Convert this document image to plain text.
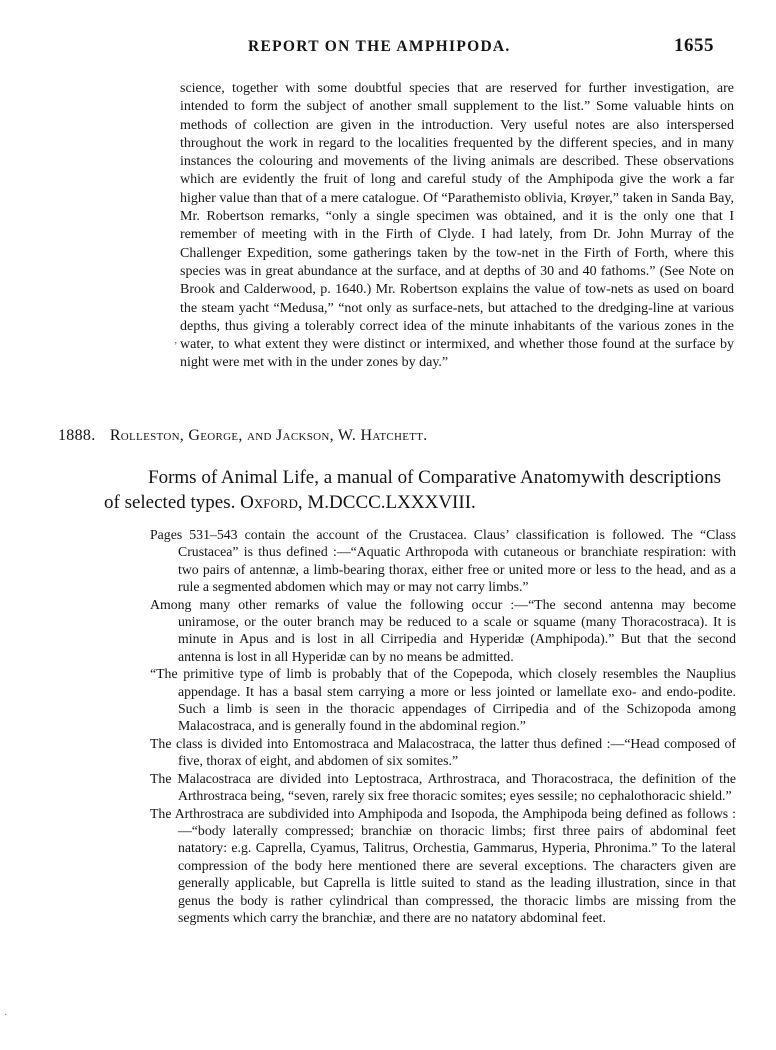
REPORT ON THE AMPHIPODA.	1655

science, together with some doubtful species that are reserved for further investigation, are intended to form the subject of another small supplement to the list.” Some valuable hints on methods of collection are given in the introduction. Very useful notes are also interspersed throughout the work in regard to the localities frequented by the different species, and in many instances the colouring and movements of the living animals are described. These observations which are evidently the fruit of long and careful study of the Amphipoda give the work a far higher value than that of a mere catalogue. Of “Parathemisto oblivia, Krøyer,” taken in Sanda Bay, Mr. Robertson remarks, “only a single specimen was obtained, and it is the only one that I remember of meeting with in the Firth of Clyde. I had lately, from Dr. John Murray of the Challenger Expedition, some gatherings taken by the tow-net in the Firth of Forth, where this species was in great abundance at the surface, and at depths of 30 and 40 fathoms.” (See Note on Brook and Calderwood, p. 1640.) Mr. Robertson explains the value of tow-nets as used on board the steam yacht “Medusa,” “not only as surface-nets, but attached to the dredging-line at various depths, thus giving a tolerably correct idea of the minute inhabitants of the various zones in the water, to what extent they were distinct or intermixed, and whether those found at the surface by night were met with in the under zones by day.”

‚
1888. Rolleston, George, and Jackson, W. Hatchett.

Forms of Animal Life, a manual of Comparative Anatomywith descriptions of selected types. Oxford, M.DCCC.LXXXVIII.

Pages 531–543 contain the account of the Crustacea. Claus’ classification is followed. The “Class Crustacea” is thus defined :—“Aquatic Arthropoda with cutaneous or branchiate respiration: with two pairs of antennæ, a limb-bearing thorax, either free or united more or less to the head, and as a rule a segmented abdomen which may or may not carry limbs.”
Among many other remarks of value the following occur :—“The second antenna may become uniramose, or the outer branch may be reduced to a scale or squame (many Thoracostraca). It is minute in Apus and is lost in all Cirripedia and Hyperidæ (Amphipoda).” But that the second antenna is lost in all Hyperidæ can by no means be admitted.
“The primitive type of limb is probably that of the Copepoda, which closely resembles the Nauplius appendage. It has a basal stem carrying a more or less jointed or lamellate exo- and endo-podite. Such a limb is seen in the thoracic appendages of Cirripedia and of the Schizopoda among Malacostraca, and is generally found in the abdominal region.”
The class is divided into Entomostraca and Malacostraca, the latter thus defined :—“Head composed of five, thorax of eight, and abdomen of six somites.”
The Malacostraca are divided into Leptostraca, Arthrostraca, and Thoracostraca, the definition of the Arthrostraca being, “seven, rarely six free thoracic somites; eyes sessile; no cephalothoracic shield.”
The Arthrostraca are subdivided into Amphipoda and Isopoda, the Amphipoda being defined as follows :—“body laterally compressed; branchiæ on thoracic limbs; first three pairs of abdominal feet natatory: e.g. Caprella, Cyamus, Talitrus, Orchestia, Gammarus, Hyperia, Phronima.” To the lateral compression of the body here mentioned there are several exceptions. The characters given are generally applicable, but Caprella is little suited to stand as the leading illustration, since in that genus the body is rather cylindrical than compressed, the thoracic limbs are missing from the segments which carry the branchiæ, and there are no natatory abdominal feet.
·
